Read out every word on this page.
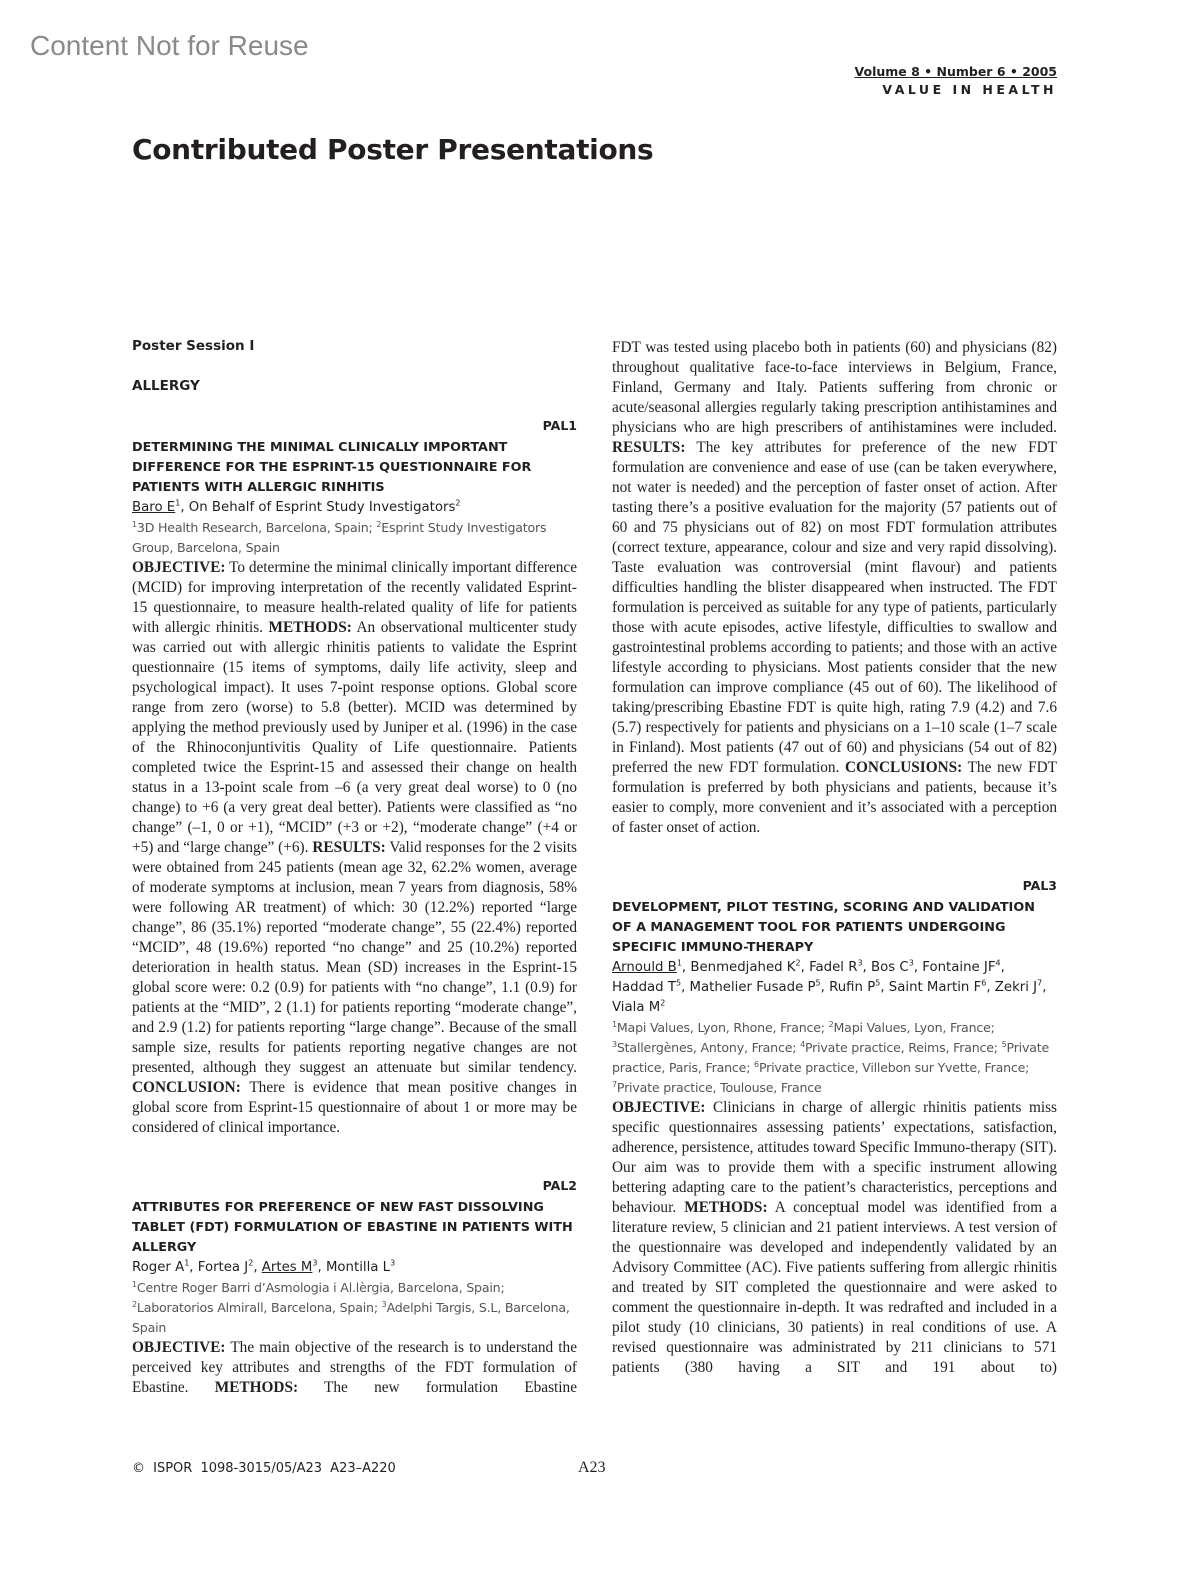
Content Not for Reuse
Volume 8 • Number 6 • 2005
VALUE IN HEALTH
Contributed Poster Presentations
Poster Session I
ALLERGY
PAL1
DETERMINING THE MINIMAL CLINICALLY IMPORTANT DIFFERENCE FOR THE ESPRINT-15 QUESTIONNAIRE FOR PATIENTS WITH ALLERGIC RINHITIS
Baro $E^1$, On Behalf of Esprint Study Investigators$^2$
$^1$3D Health Research, Barcelona, Spain; $^2$Esprint Study Investigators Group, Barcelona, Spain
OBJECTIVE: To determine the minimal clinically important difference (MCID) for improving interpretation of the recently validated Esprint-15 questionnaire, to measure health-related quality of life for patients with allergic rhinitis. METHODS: An observational multicenter study was carried out with allergic rhinitis patients to validate the Esprint questionnaire (15 items of symptoms, daily life activity, sleep and psychological impact). It uses 7-point response options. Global score range from zero (worse) to 5.8 (better). MCID was determined by applying the method previously used by Juniper et al. (1996) in the case of the Rhinoconjuntivitis Quality of Life questionnaire. Patients completed twice the Esprint-15 and assessed their change on health status in a 13-point scale from –6 (a very great deal worse) to 0 (no change) to +6 (a very great deal better). Patients were classified as “no change” (–1, 0 or +1), “MCID” (+3 or +2), “moderate change” (+4 or +5) and “large change” (+6). RESULTS: Valid responses for the 2 visits were obtained from 245 patients (mean age 32, 62.2% women, average of moderate symptoms at inclusion, mean 7 years from diagnosis, 58% were following AR treatment) of which: 30 (12.2%) reported “large change”, 86 (35.1%) reported “moderate change”, 55 (22.4%) reported “MCID”, 48 (19.6%) reported “no change” and 25 (10.2%) reported deterioration in health status. Mean (SD) increases in the Esprint-15 global score were: 0.2 (0.9) for patients with “no change”, 1.1 (0.9) for patients at the “MID”, 2 (1.1) for patients reporting “moderate change”, and 2.9 (1.2) for patients reporting “large change”. Because of the small sample size, results for patients reporting negative changes are not presented, although they suggest an attenuate but similar tendency. CONCLUSION: There is evidence that mean positive changes in global score from Esprint-15 questionnaire of about 1 or more may be considered of clinical importance.
PAL2
ATTRIBUTES FOR PREFERENCE OF NEW FAST DISSOLVING TABLET (FDT) FORMULATION OF EBASTINE IN PATIENTS WITH ALLERGY
Roger $A^1$, Fortea $J^2$, Artes $M^3$, Montilla $L^3$
$^1$Centre Roger Barri d’Asmologia i Al.lèrgia, Barcelona, Spain; $^2$Laboratorios Almirall, Barcelona, Spain; $^3$Adelphi Targis, S.L, Barcelona, Spain
OBJECTIVE: The main objective of the research is to understand the perceived key attributes and strengths of the FDT formulation of Ebastine. METHODS: The new formulation Ebastine
FDT was tested using placebo both in patients (60) and physicians (82) throughout qualitative face-to-face interviews in Belgium, France, Finland, Germany and Italy. Patients suffering from chronic or acute/seasonal allergies regularly taking prescription antihistamines and physicians who are high prescribers of antihistamines were included. RESULTS: The key attributes for preference of the new FDT formulation are convenience and ease of use (can be taken everywhere, not water is needed) and the perception of faster onset of action. After tasting there’s a positive evaluation for the majority (57 patients out of 60 and 75 physicians out of 82) on most FDT formulation attributes (correct texture, appearance, colour and size and very rapid dissolving). Taste evaluation was controversial (mint flavour) and patients difficulties handling the blister disappeared when instructed. The FDT formulation is perceived as suitable for any type of patients, particularly those with acute episodes, active lifestyle, difficulties to swallow and gastrointestinal problems according to patients; and those with an active lifestyle according to physicians. Most patients consider that the new formulation can improve compliance (45 out of 60). The likelihood of taking/prescribing Ebastine FDT is quite high, rating 7.9 (4.2) and 7.6 (5.7) respectively for patients and physicians on a 1–10 scale (1–7 scale in Finland). Most patients (47 out of 60) and physicians (54 out of 82) preferred the new FDT formulation. CONCLUSIONS: The new FDT formulation is preferred by both physicians and patients, because it’s easier to comply, more convenient and it’s associated with a perception of faster onset of action.
PAL3
DEVELOPMENT, PILOT TESTING, SCORING AND VALIDATION OF A MANAGEMENT TOOL FOR PATIENTS UNDERGOING SPECIFIC IMMUNO-THERAPY
Arnould $B^1$, Benmedjahed $K^2$, Fadel $R^3$, Bos $C^3$, Fontaine $JF^4$, Haddad $T^5$, Mathelier Fusade $P^5$, Rufin $P^5$, Saint Martin $F^6$, Zekri $J^7$, Viala $M^2$
$^1$Mapi Values, Lyon, Rhone, France; $^2$Mapi Values, Lyon, France; $^3$Stallergènes, Antony, France; $^4$Private practice, Reims, France; $^5$Private practice, Paris, France; $^6$Private practice, Villebon sur Yvette, France; $^7$Private practice, Toulouse, France
OBJECTIVE: Clinicians in charge of allergic rhinitis patients miss specific questionnaires assessing patients’ expectations, satisfaction, adherence, persistence, attitudes toward Specific Immuno-therapy (SIT). Our aim was to provide them with a specific instrument allowing bettering adapting care to the patient’s characteristics, perceptions and behaviour. METHODS: A conceptual model was identified from a literature review, 5 clinician and 21 patient interviews. A test version of the questionnaire was developed and independently validated by an Advisory Committee (AC). Five patients suffering from allergic rhinitis and treated by SIT completed the questionnaire and were asked to comment the questionnaire in-depth. It was redrafted and included in a pilot study (10 clinicians, 30 patients) in real conditions of use. A revised questionnaire was administrated by 211 clinicians to 571 patients (380 having a SIT and 191 about to)
© ISPOR 1098-3015/05/A23 A23–A220	A23
